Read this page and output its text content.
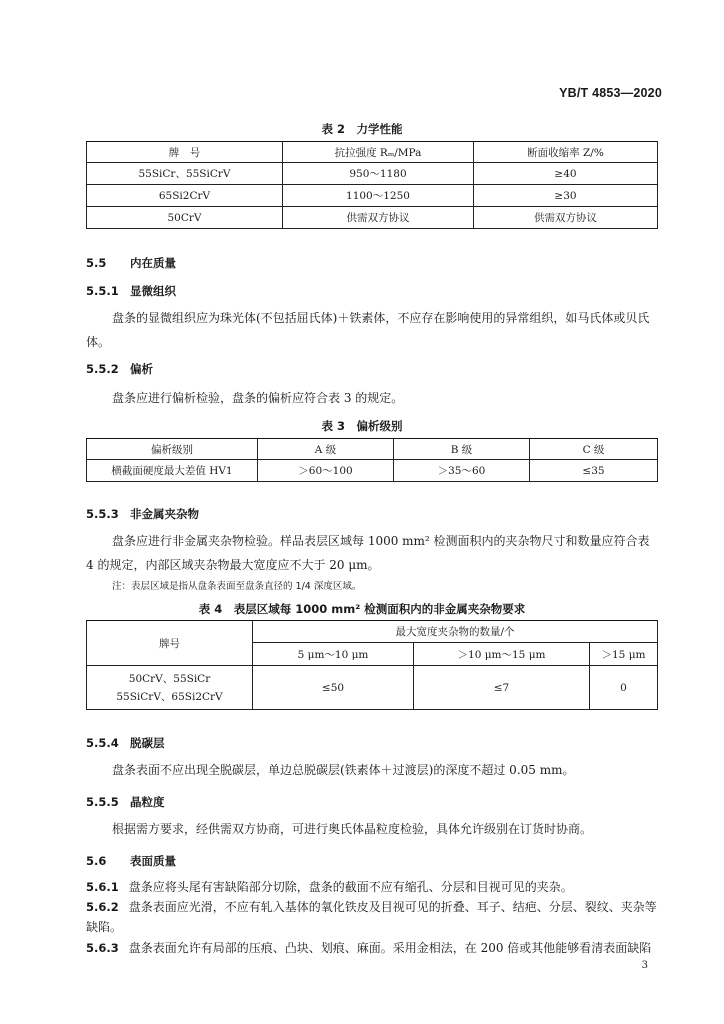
YB/T 4853—2020
表 2　力学性能
牌　号	抗拉强度 Rₘ/MPa	断面收缩率 Z/%
55SiCr、55SiCrV	950～1180	≥40
65Si2CrV	1100～1250	≥30
50CrV	供需双方协议	供需双方协议
5.5 内在质量
5.5.1 显微组织
盘条的显微组织应为珠光体(不包括屈氏体)＋铁素体，不应存在影响使用的异常组织，如马氏体或贝氏体。
5.5.2 偏析
盘条应进行偏析检验，盘条的偏析应符合表 3 的规定。
表 3　偏析级别
偏析级别	A 级	B 级	C 级
横截面硬度最大差值 HV1	＞60～100	＞35～60	≤35
5.5.3 非金属夹杂物
盘条应进行非金属夹杂物检验。样品表层区域每 1000 mm² 检测面积内的夹杂物尺寸和数量应符合表 4 的规定，内部区域夹杂物最大宽度应不大于 20 μm。
注：表层区域是指从盘条表面至盘条直径的 1/4 深度区域。
表 4　表层区域每 1000 mm² 检测面积内的非金属夹杂物要求
牌号	最大宽度夹杂物的数量/个		
	5 μm～10 μm	＞10 μm～15 μm	＞15 μm

50CrV、55SiCr
55SiCrV、65Si2CrV	≤50	≤7	0
5.5.4 脱碳层
盘条表面不应出现全脱碳层，单边总脱碳层(铁素体＋过渡层)的深度不超过 0.05 mm。
5.5.5 晶粒度
根据需方要求，经供需双方协商，可进行奥氏体晶粒度检验，具体允许级别在订货时协商。
5.6 表面质量
5.6.1 盘条应将头尾有害缺陷部分切除，盘条的截面不应有缩孔、分层和目视可见的夹杂。
5.6.2 盘条表面应光滑，不应有轧入基体的氧化铁皮及目视可见的折叠、耳子、结疤、分层、裂纹、夹杂等缺陷。
5.6.3 盘条表面允许有局部的压痕、凸块、划痕、麻面。采用金相法，在 200 倍或其他能够看清表面缺陷
3
